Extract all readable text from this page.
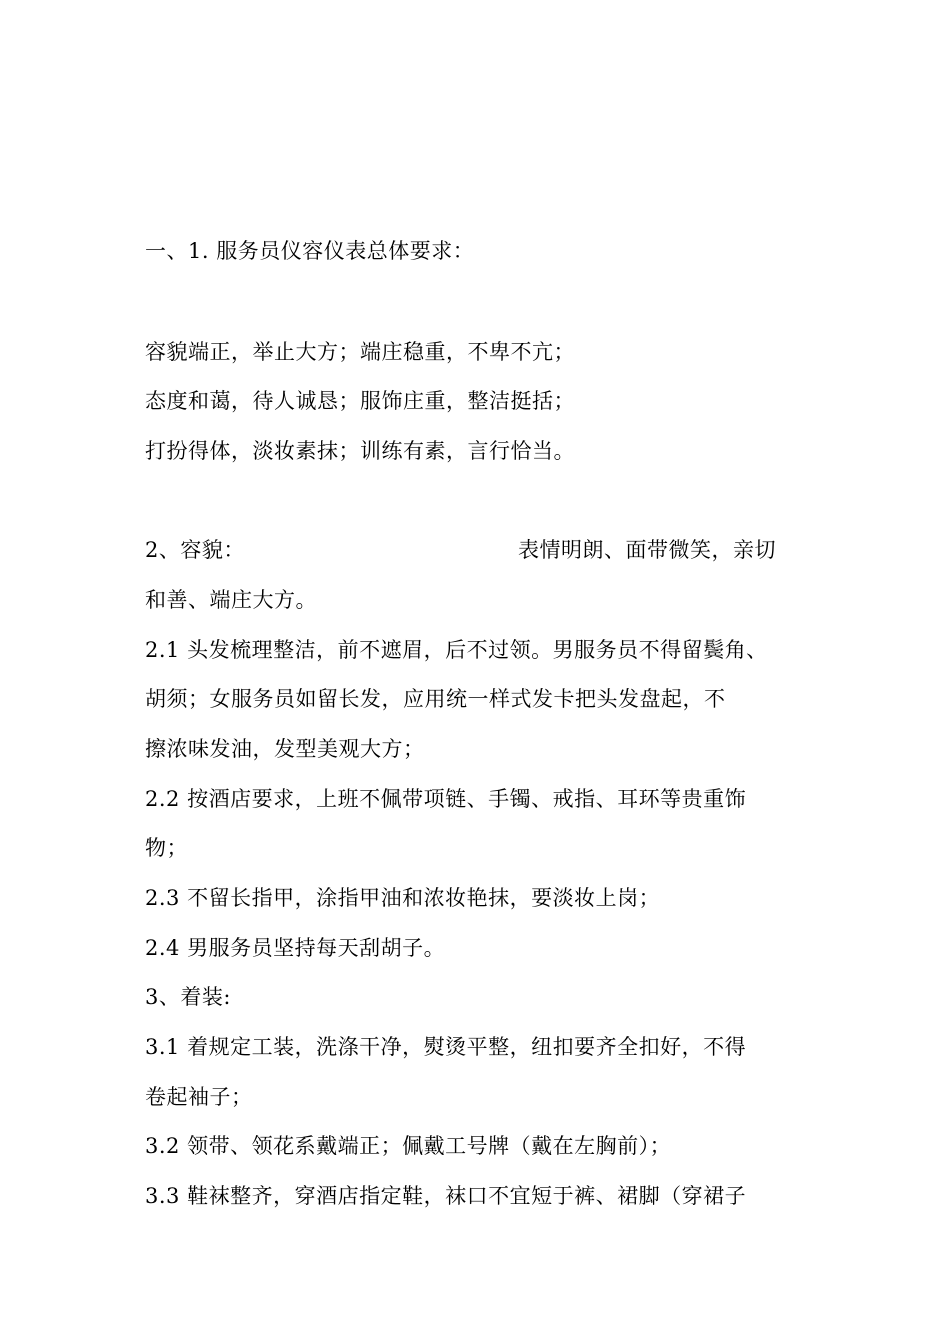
一、1. 服务员仪容仪表总体要求：
容貌端正，举止大方；端庄稳重，不卑不亢；
态度和蔼，待人诚恳；服饰庄重，整洁挺括；
打扮得体，淡妆素抹；训练有素，言行恰当。
2、容貌：	表情明朗、面带微笑，亲切
和善、端庄大方。
2.1 头发梳理整洁，前不遮眉，后不过领。男服务员不得留鬓角、
胡须；女服务员如留长发，应用统一样式发卡把头发盘起，不
擦浓味发油，发型美观大方；
2.2 按酒店要求，上班不佩带项链、手镯、戒指、耳环等贵重饰
物；
2.3 不留长指甲，涂指甲油和浓妆艳抹，要淡妆上岗；
2.4 男服务员坚持每天刮胡子。
3、着装:
3.1 着规定工装，洗涤干净，熨烫平整，纽扣要齐全扣好，不得
卷起袖子；
3.2 领带、领花系戴端正；佩戴工号牌（戴在左胸前）；
3.3 鞋袜整齐，穿酒店指定鞋，袜口不宜短于裤、裙脚（穿裙子
